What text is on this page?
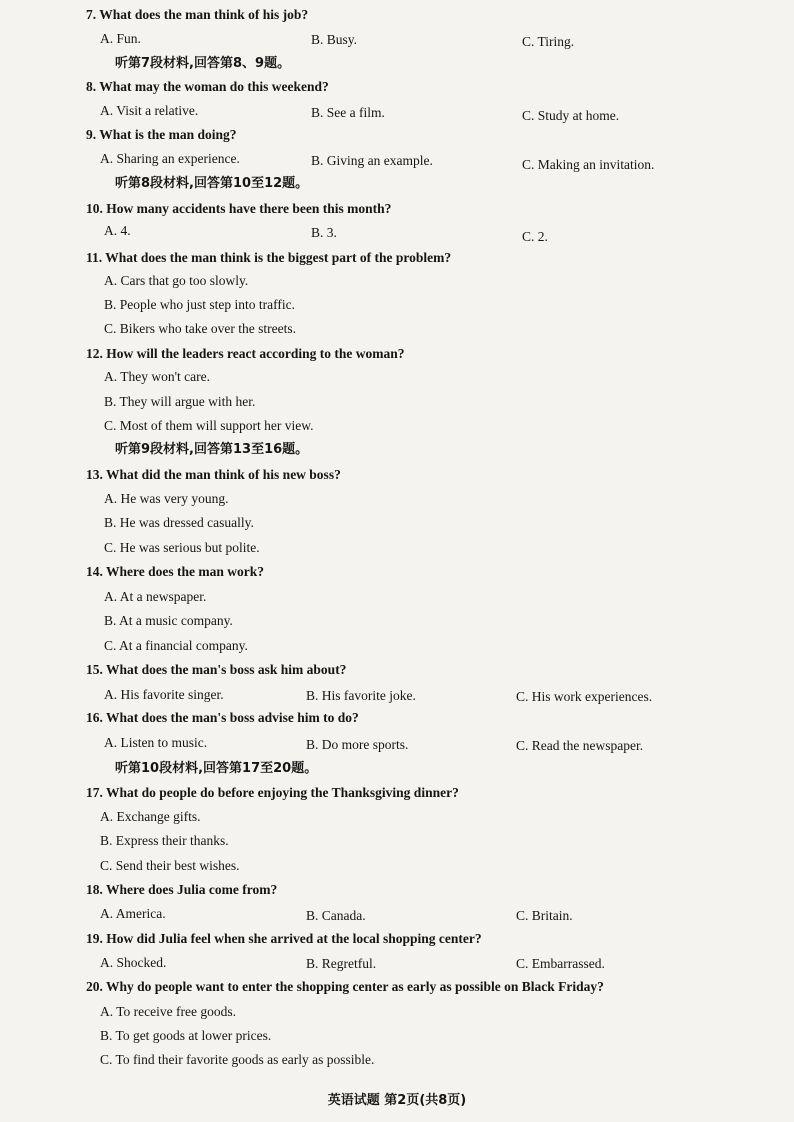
7. What does the man think of his job?
A. Fun.	B. Busy.	C. Tiring.
听第7段材料,回答第8、9题。
8. What may the woman do this weekend?
A. Visit a relative.	B. See a film.	C. Study at home.
9. What is the man doing?
A. Sharing an experience.	B. Giving an example.	C. Making an invitation.
听第8段材料,回答第10至12题。
10. How many accidents have there been this month?
A. 4.	B. 3.	C. 2.
11. What does the man think is the biggest part of the problem?
A. Cars that go too slowly.
B. People who just step into traffic.
C. Bikers who take over the streets.
12. How will the leaders react according to the woman?
A. They won't care.
B. They will argue with her.
C. Most of them will support her view.
听第9段材料,回答第13至16题。
13. What did the man think of his new boss?
A. He was very young.
B. He was dressed casually.
C. He was serious but polite.
14. Where does the man work?
A. At a newspaper.
B. At a music company.
C. At a financial company.
15. What does the man's boss ask him about?
A. His favorite singer.	B. His favorite joke.	C. His work experiences.
16. What does the man's boss advise him to do?
A. Listen to music.	B. Do more sports.	C. Read the newspaper.
听第10段材料,回答第17至20题。
17. What do people do before enjoying the Thanksgiving dinner?
A. Exchange gifts.
B. Express their thanks.
C. Send their best wishes.
18. Where does Julia come from?
A. America.	B. Canada.	C. Britain.
19. How did Julia feel when she arrived at the local shopping center?
A. Shocked.	B. Regretful.	C. Embarrassed.
20. Why do people want to enter the shopping center as early as possible on Black Friday?
A. To receive free goods.
B. To get goods at lower prices.
C. To find their favorite goods as early as possible.
英语试题 第2页(共8页)
